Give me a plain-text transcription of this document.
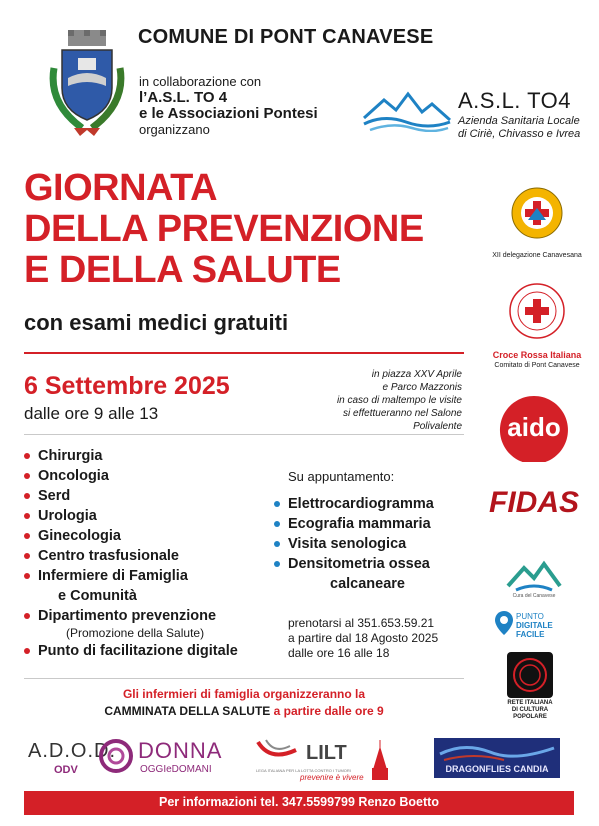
COMUNE DI PONT CANAVESE
in collaborazione con
l’A.S.L. TO 4
e le Associazioni Pontesi
organizzano
A.S.L. TO4
Azienda Sanitaria Locale
di Ciriè, Chivasso e Ivrea
GIORNATA
DELLA PREVENZIONE
E DELLA SALUTE
con esami medici gratuiti
6 Settembre 2025
dalle ore 9 alle 13
in piazza XXV Aprile
e Parco Mazzonis
in caso di maltempo le visite
si effettueranno nel Salone Polivalente
Chirurgia
Oncologia
Serd
Urologia
Ginecologia
Centro trasfusionale
Infermiere di Famiglia
e Comunità
Dipartimento prevenzione
(Promozione della Salute)
Punto di facilitazione digitale
Su appuntamento:
Elettrocardiogramma
Ecografia mammaria
Visita senologica
Densitometria ossea
calcaneare
prenotarsi al 351.653.59.21
a partire dal 18 Agosto 2025
dalle ore 16 alle 18
Gli infermieri di famiglia organizzeranno la
CAMMINATA DELLA SALUTE a partire dalle ore 9
XII delegazione Canavesana
Croce Rossa Italiana
Comitato di Pont Canavese
aido
FIDAS
Cura del Canavese
PUNTO
DIGITALE
FACILE
RETE ITALIANA
DI CULTURA POPOLARE
A.D.O.D.
ODV
DONNA
OGGIeDOMANI
LILT
LEGA ITALIANA PER LA LOTTA CONTRO I TUMORI
prevenire è vivere
DRAGONFLIES CANDIA
Per informazioni tel. 347.5599799 Renzo Boetto
